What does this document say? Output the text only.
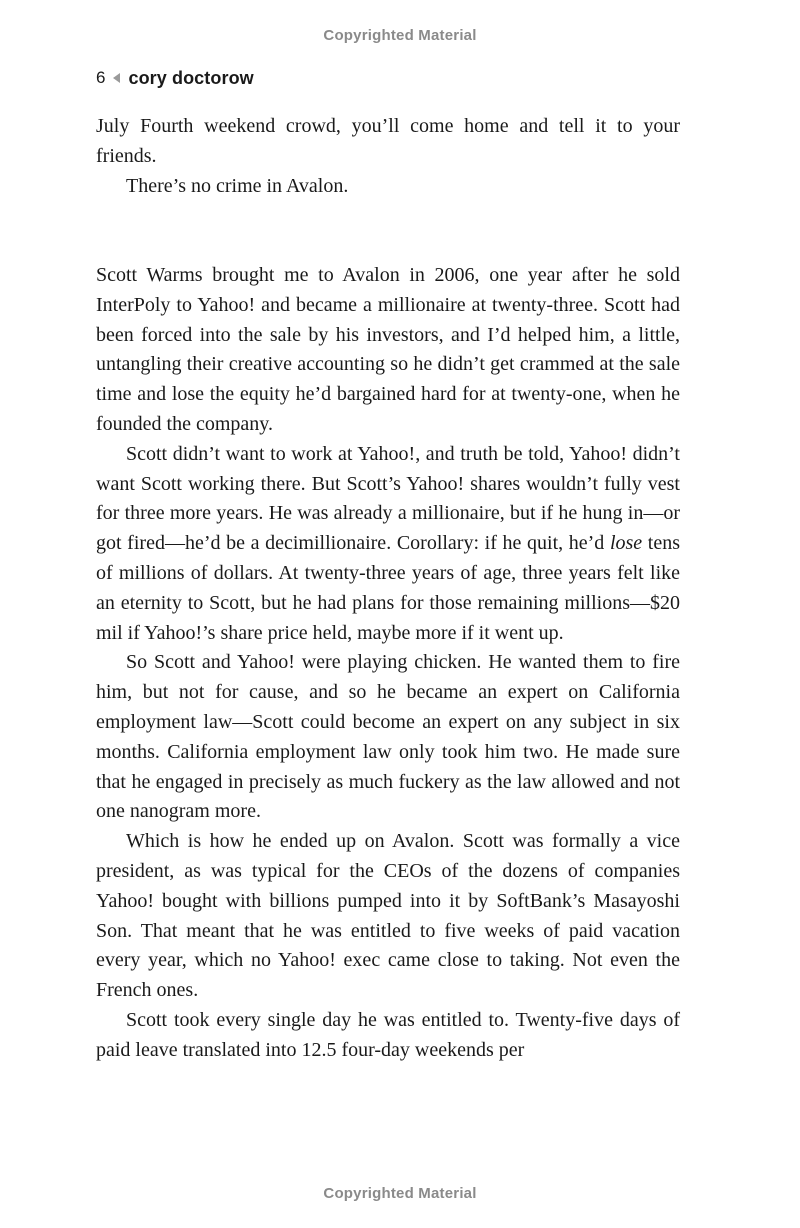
Copyrighted Material
6 cory doctorow

July Fourth weekend crowd, you’ll come home and tell it to your friends.

There’s no crime in Avalon.

Scott Warms brought me to Avalon in 2006, one year after he sold InterPoly to Yahoo! and became a millionaire at twenty-three. Scott had been forced into the sale by his investors, and I’d helped him, a little, untangling their creative accounting so he didn’t get crammed at the sale time and lose the equity he’d bargained hard for at twenty-one, when he founded the company.

Scott didn’t want to work at Yahoo!, and truth be told, Yahoo! didn’t want Scott working there. But Scott’s Yahoo! shares wouldn’t fully vest for three more years. He was already a millionaire, but if he hung in—or got fired—he’d be a decimillionaire. Corollary: if he quit, he’d lose tens of millions of dollars. At twenty-three years of age, three years felt like an eternity to Scott, but he had plans for those remaining millions—$20 mil if Yahoo!’s share price held, maybe more if it went up.

So Scott and Yahoo! were playing chicken. He wanted them to fire him, but not for cause, and so he became an expert on California employment law—Scott could become an expert on any subject in six months. California employment law only took him two. He made sure that he engaged in precisely as much fuckery as the law allowed and not one nanogram more.

Which is how he ended up on Avalon. Scott was formally a vice president, as was typical for the CEOs of the dozens of companies Yahoo! bought with billions pumped into it by SoftBank’s Masayoshi Son. That meant that he was entitled to five weeks of paid vacation every year, which no Yahoo! exec came close to taking. Not even the French ones.

Scott took every single day he was entitled to. Twenty-five days of paid leave translated into 12.5 four-day weekends per

Copyrighted Material
